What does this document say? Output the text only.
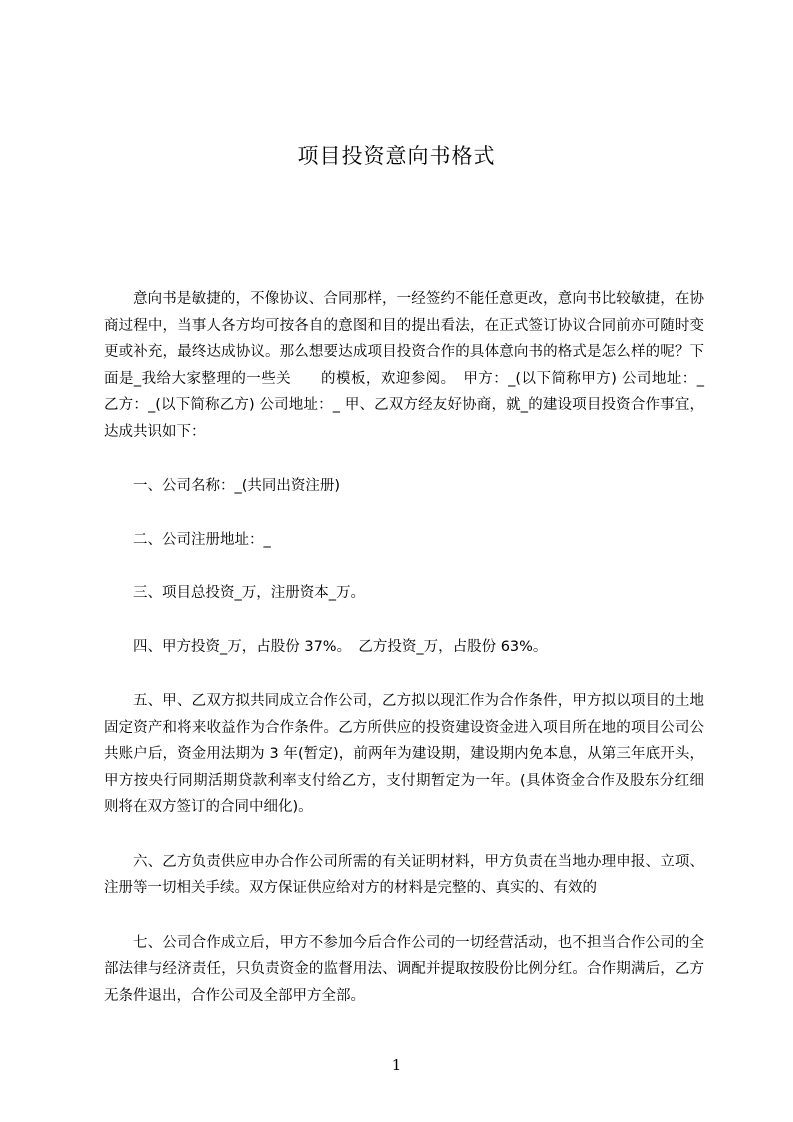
项目投资意向书格式

意向书是敏捷的，不像协议、合同那样，一经签约不能任意更改，意向书比较敏捷，在协商过程中，当事人各方均可按各自的意图和目的提出看法，在正式签订协议合同前亦可随时变更或补充，最终达成协议。那么想要达成项目投资合作的具体意向书的格式是怎么样的呢？下面是_我给大家整理的一些关　　的模板，欢迎参阅。　甲方：_(以下简称甲方) 公司地址：_ 乙方：_(以下简称乙方) 公司地址：_ 甲、乙双方经友好协商，就_的建设项目投资合作事宜，达成共识如下：

一、公司名称：_(共同出资注册)

二、公司注册地址：_

三、项目总投资_万，注册资本_万。

四、甲方投资_万，占股份 37%。　乙方投资_万，占股份 63%。

五、甲、乙双方拟共同成立合作公司，乙方拟以现汇作为合作条件，甲方拟以项目的土地固定资产和将来收益作为合作条件。乙方所供应的投资建设资金进入项目所在地的项目公司公共账户后，资金用法期为 3 年(暂定)，前两年为建设期，建设期内免本息，从第三年底开头，甲方按央行同期活期贷款利率支付给乙方，支付期暂定为一年。(具体资金合作及股东分红细则将在双方签订的合同中细化)。

六、乙方负责供应申办合作公司所需的有关证明材料，甲方负责在当地办理申报、立项、注册等一切相关手续。双方保证供应给对方的材料是完整的、真实的、有效的

七、公司合作成立后，甲方不参加今后合作公司的一切经营活动，也不担当合作公司的全部法律与经济责任，只负责资金的监督用法、调配并提取按股份比例分红。合作期满后，乙方无条件退出，合作公司及全部甲方全部。

1
